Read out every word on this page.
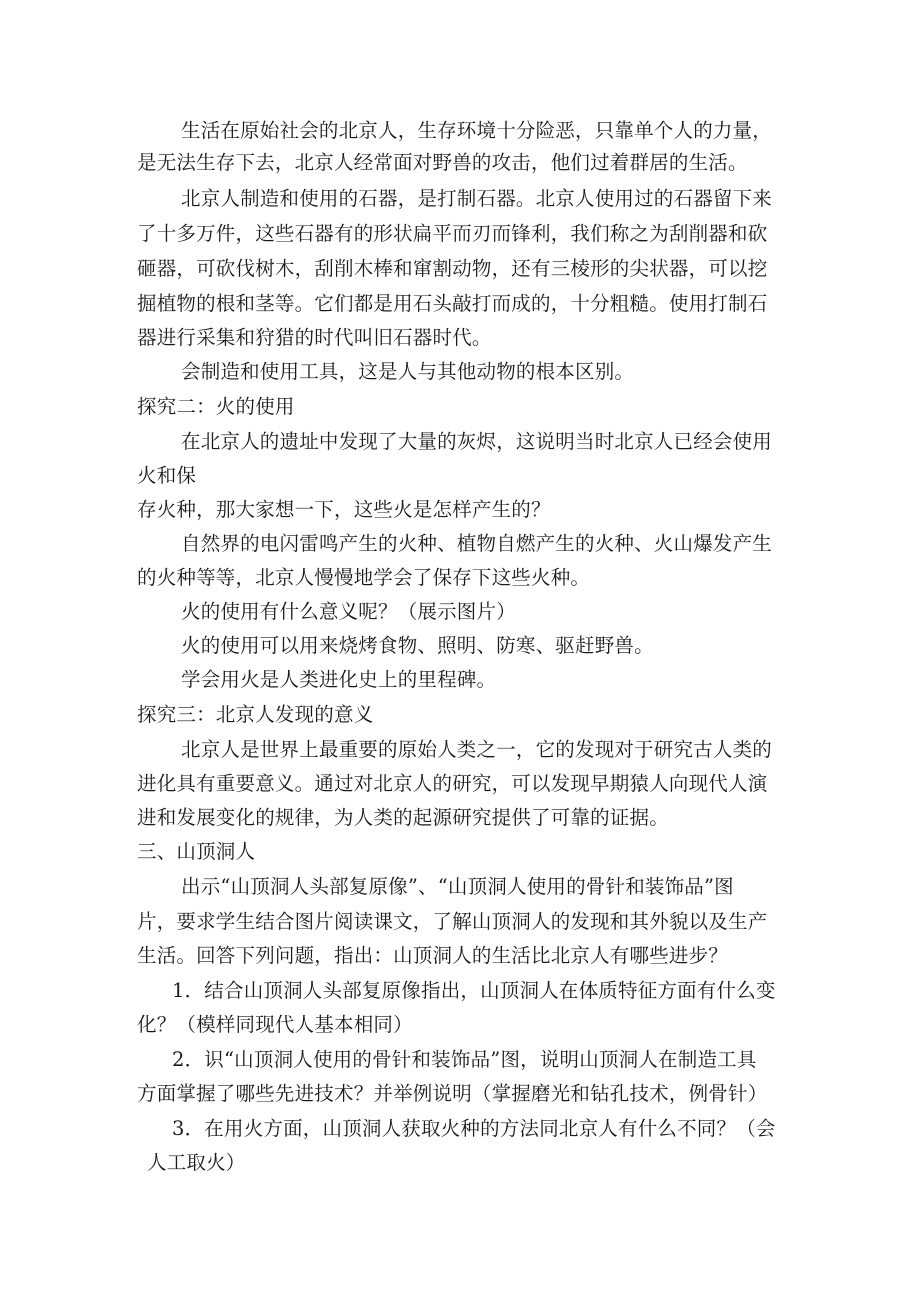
生活在原始社会的北京人，生存环境十分险恶，只靠单个人的力量，
是无法生存下去，北京人经常面对野兽的攻击，他们过着群居的生活。
北京人制造和使用的石器，是打制石器。北京人使用过的石器留下来
了十多万件，这些石器有的形状扁平而刃而锋利，我们称之为刮削器和砍
砸器，可砍伐树木，刮削木棒和窜割动物，还有三棱形的尖状器，可以挖
掘植物的根和茎等。它们都是用石头敲打而成的，十分粗糙。使用打制石
器进行采集和狩猎的时代叫旧石器时代。
会制造和使用工具，这是人与其他动物的根本区别。
探究二：火的使用
在北京人的遗址中发现了大量的灰烬，这说明当时北京人已经会使用
火和保
存火种，那大家想一下，这些火是怎样产生的？
自然界的电闪雷鸣产生的火种、植物自燃产生的火种、火山爆发产生
的火种等等，北京人慢慢地学会了保存下这些火种。
火的使用有什么意义呢？（展示图片）
火的使用可以用来烧烤食物、照明、防寒、驱赶野兽。
学会用火是人类进化史上的里程碑。
探究三：北京人发现的意义
北京人是世界上最重要的原始人类之一，它的发现对于研究古人类的
进化具有重要意义。通过对北京人的研究，可以发现早期猿人向现代人演
进和发展变化的规律，为人类的起源研究提供了可靠的证据。
三、山顶洞人
出示“山顶洞人头部复原像”、“山顶洞人使用的骨针和装饰品”图
片，要求学生结合图片阅读课文，了解山顶洞人的发现和其外貌以及生产
生活。回答下列问题，指出：山顶洞人的生活比北京人有哪些进步？
1．结合山顶洞人头部复原像指出，山顶洞人在体质特征方面有什么变
化？（模样同现代人基本相同）
2．识“山顶洞人使用的骨针和装饰品”图，说明山顶洞人在制造工具
方面掌握了哪些先进技术？并举例说明（掌握磨光和钻孔技术，例骨针）
3．在用火方面，山顶洞人获取火种的方法同北京人有什么不同？（会
人工取火）
